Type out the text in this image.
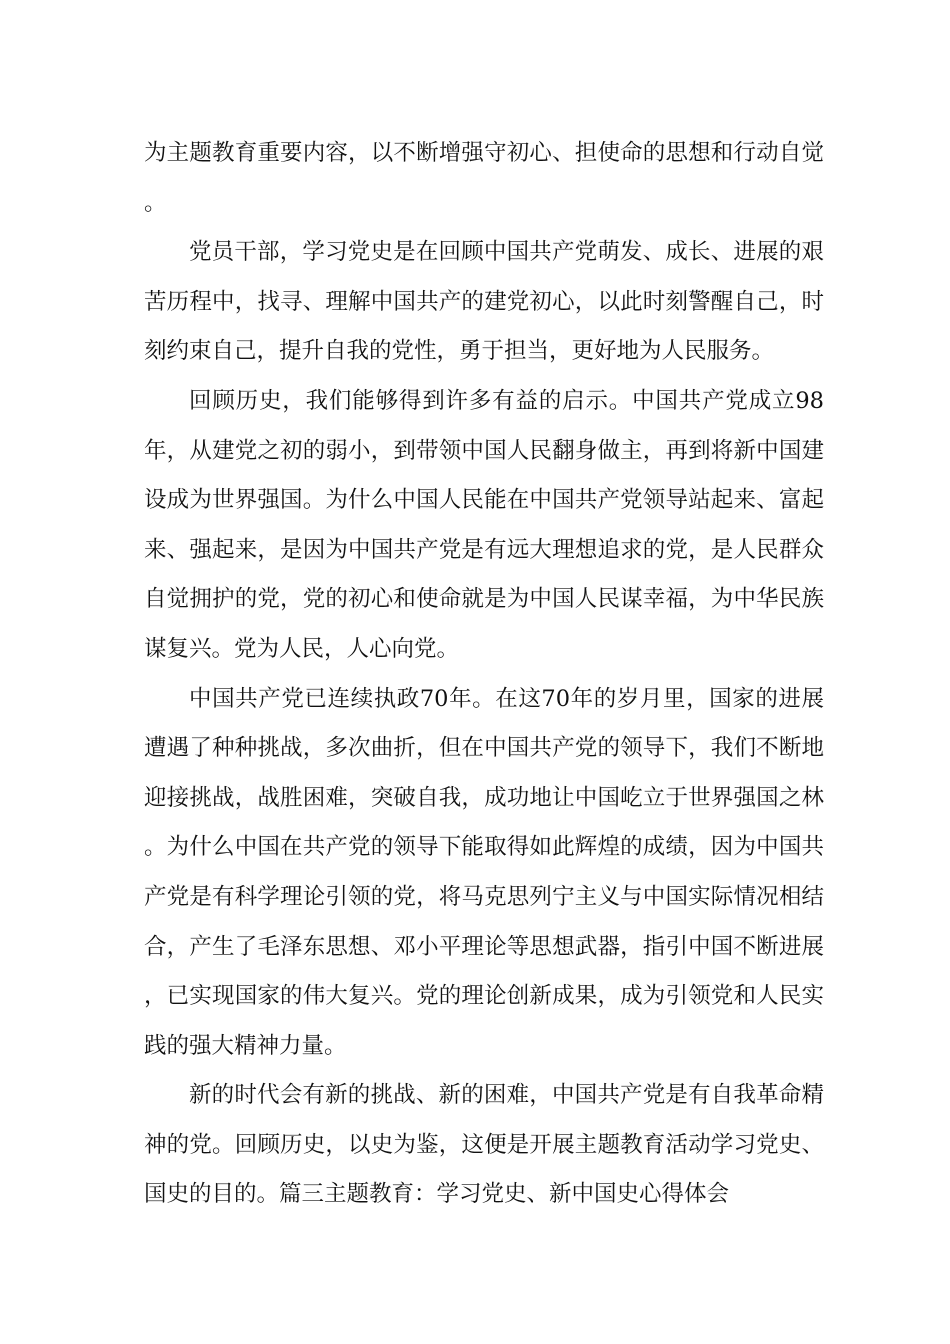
为主题教育重要内容，以不断增强守初心、担使命的思想和行动自觉。

党员干部，学习党史是在回顾中国共产党萌发、成长、进展的艰苦历程中，找寻、理解中国共产的建党初心，以此时刻警醒自己，时刻约束自己，提升自我的党性，勇于担当，更好地为人民服务。

回顾历史，我们能够得到许多有益的启示。中国共产党成立98年，从建党之初的弱小，到带领中国人民翻身做主，再到将新中国建设成为世界强国。为什么中国人民能在中国共产党领导站起来、富起来、强起来，是因为中国共产党是有远大理想追求的党，是人民群众自觉拥护的党，党的初心和使命就是为中国人民谋幸福，为中华民族谋复兴。党为人民，人心向党。

中国共产党已连续执政70年。在这70年的岁月里，国家的进展遭遇了种种挑战，多次曲折，但在中国共产党的领导下，我们不断地迎接挑战，战胜困难，突破自我，成功地让中国屹立于世界强国之林。为什么中国在共产党的领导下能取得如此辉煌的成绩，因为中国共产党是有科学理论引领的党，将马克思列宁主义与中国实际情况相结合，产生了毛泽东思想、邓小平理论等思想武器，指引中国不断进展，已实现国家的伟大复兴。党的理论创新成果，成为引领党和人民实践的强大精神力量。

新的时代会有新的挑战、新的困难，中国共产党是有自我革命精神的党。回顾历史，以史为鉴，这便是开展主题教育活动学习党史、国史的目的。篇三主题教育：学习党史、新中国史心得体会
